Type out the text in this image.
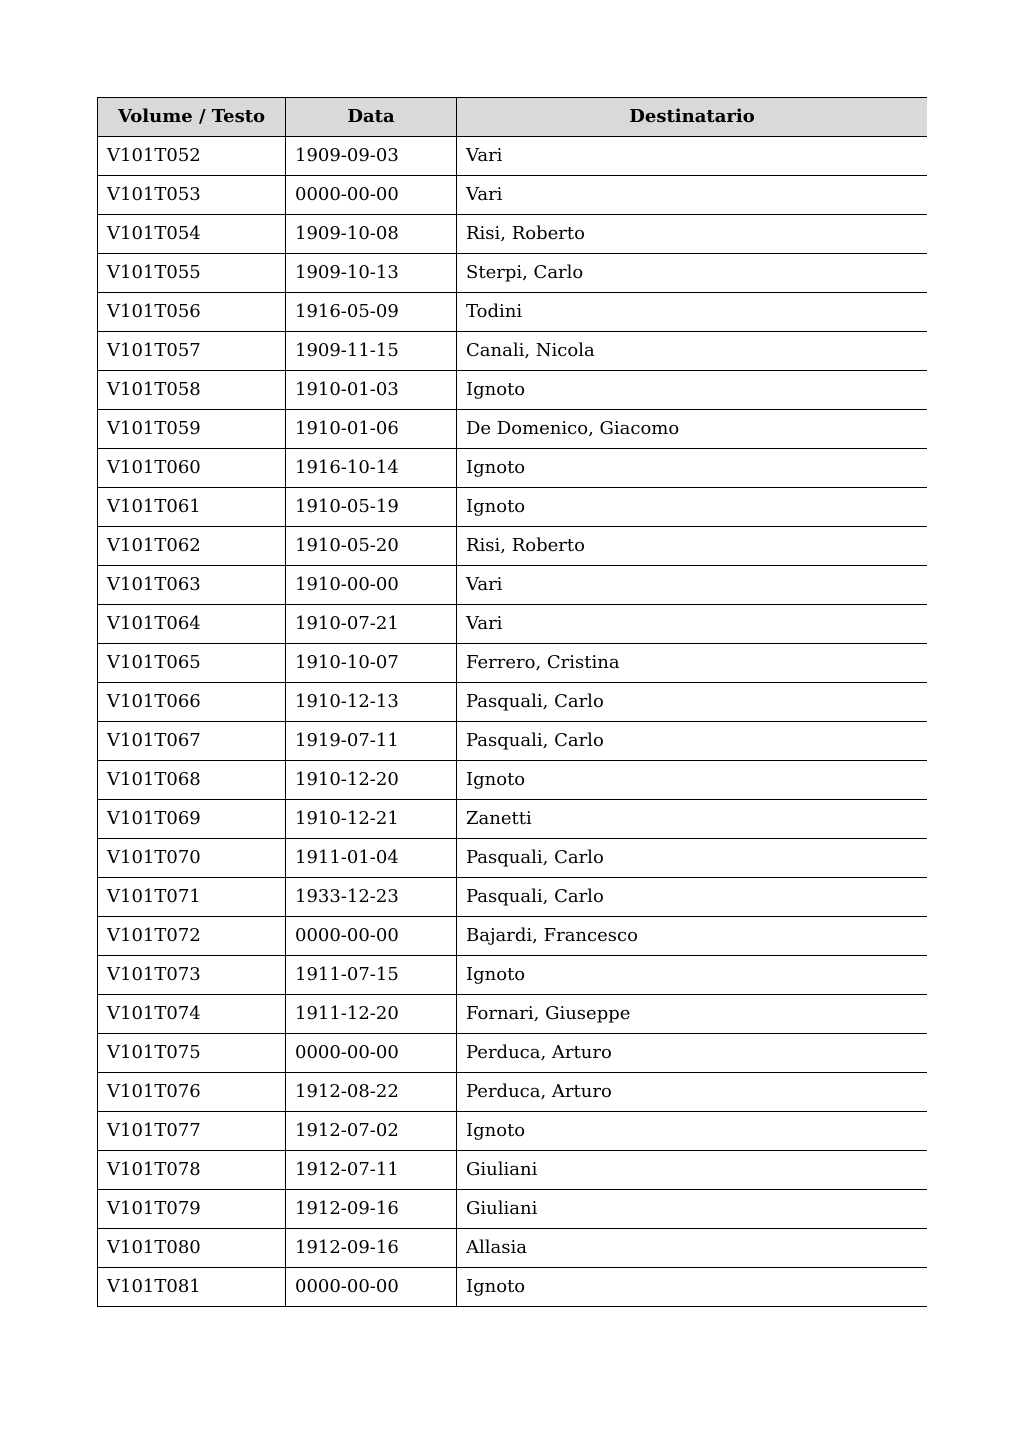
Volume / Testo	Data	Destinatario
V101T052	1909-09-03	Vari
V101T053	0000-00-00	Vari
V101T054	1909-10-08	Risi, Roberto
V101T055	1909-10-13	Sterpi, Carlo
V101T056	1916-05-09	Todini
V101T057	1909-11-15	Canali, Nicola
V101T058	1910-01-03	Ignoto
V101T059	1910-01-06	De Domenico, Giacomo
V101T060	1916-10-14	Ignoto
V101T061	1910-05-19	Ignoto
V101T062	1910-05-20	Risi, Roberto
V101T063	1910-00-00	Vari
V101T064	1910-07-21	Vari
V101T065	1910-10-07	Ferrero, Cristina
V101T066	1910-12-13	Pasquali, Carlo
V101T067	1919-07-11	Pasquali, Carlo
V101T068	1910-12-20	Ignoto
V101T069	1910-12-21	Zanetti
V101T070	1911-01-04	Pasquali, Carlo
V101T071	1933-12-23	Pasquali, Carlo
V101T072	0000-00-00	Bajardi, Francesco
V101T073	1911-07-15	Ignoto
V101T074	1911-12-20	Fornari, Giuseppe
V101T075	0000-00-00	Perduca, Arturo
V101T076	1912-08-22	Perduca, Arturo
V101T077	1912-07-02	Ignoto
V101T078	1912-07-11	Giuliani
V101T079	1912-09-16	Giuliani
V101T080	1912-09-16	Allasia
V101T081	0000-00-00	Ignoto
